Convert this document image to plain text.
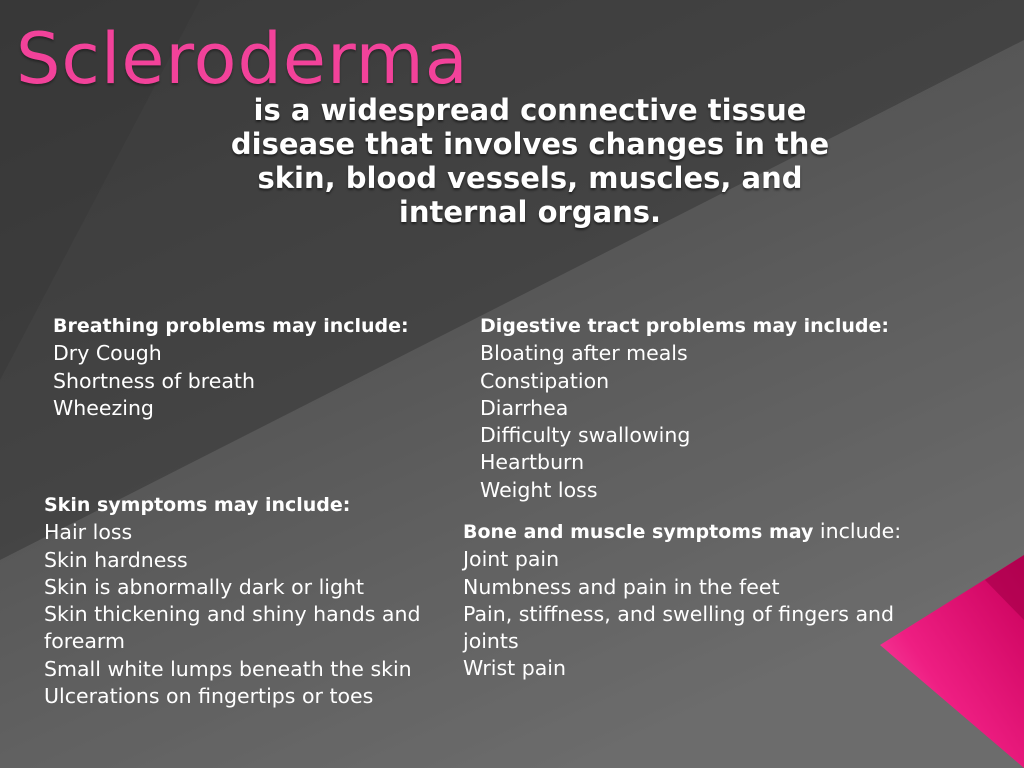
Scleroderma
is a widespread connective tissue disease that involves changes in the skin, blood vessels, muscles, and internal organs.
Breathing problems may include:
Dry Cough
Shortness of breath
Wheezing
Digestive tract problems may include:
Bloating after meals
Constipation
Diarrhea
Difficulty swallowing
Heartburn
Weight loss
Skin symptoms may include:
Hair loss
Skin hardness
Skin is abnormally dark or light
Skin thickening and shiny hands and forearm
Small white lumps beneath the skin
Ulcerations on fingertips or toes
Bone and muscle symptoms may include:
Joint pain
Numbness and pain in the feet
Pain, stiffness, and swelling of fingers and joints
Wrist pain
